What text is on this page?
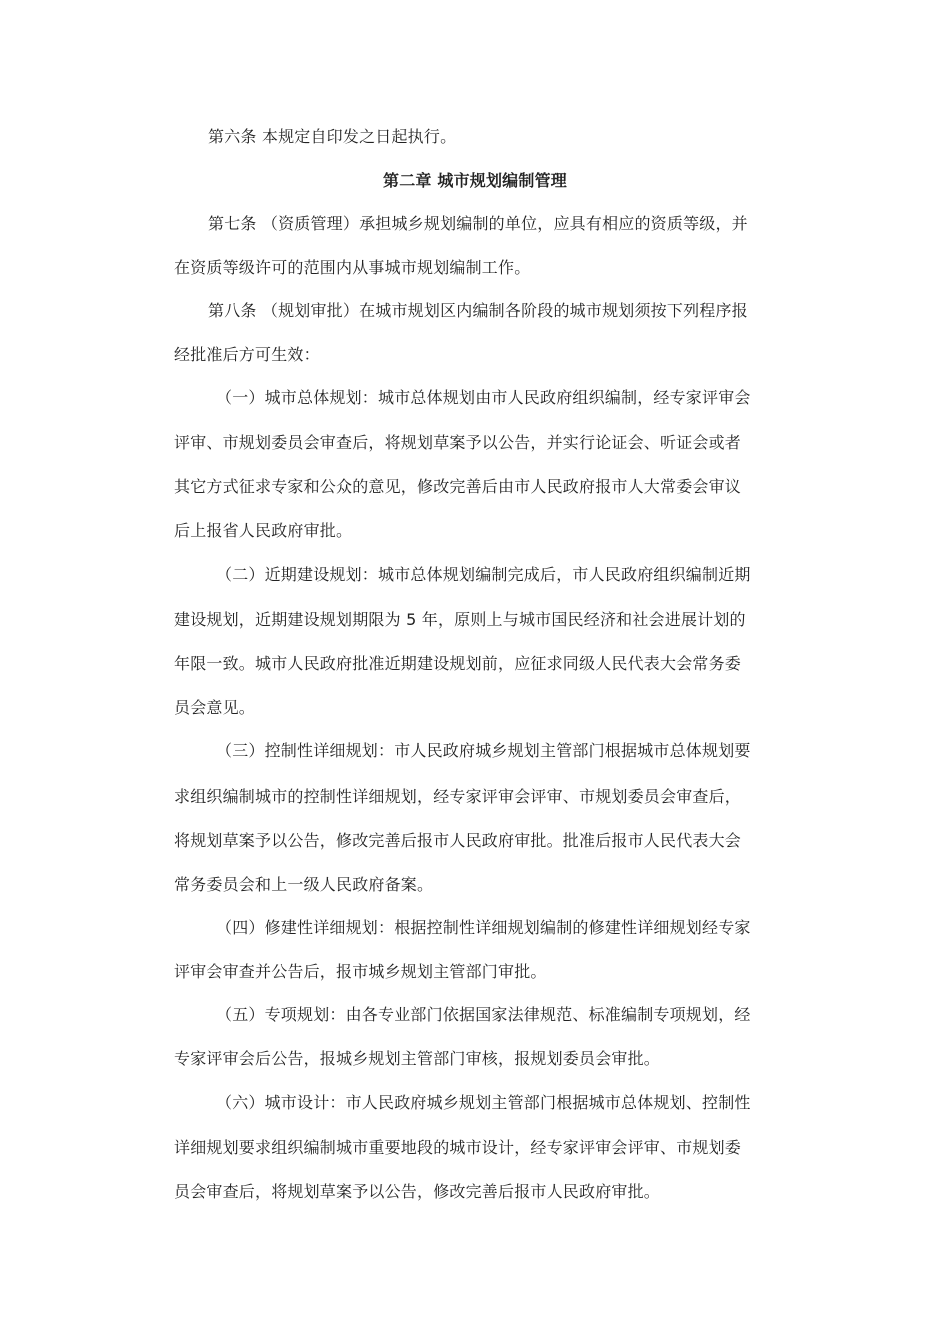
第六条 本规定自印发之日起执行。
第二章 城市规划编制管理
第七条 （资质管理）承担城乡规划编制的单位，应具有相应的资质等级，并
在资质等级许可的范围内从事城市规划编制工作。
第八条 （规划审批）在城市规划区内编制各阶段的城市规划须按下列程序报
经批准后方可生效：
（一）城市总体规划：城市总体规划由市人民政府组织编制，经专家评审会
评审、市规划委员会审查后，将规划草案予以公告，并实行论证会、听证会或者
其它方式征求专家和公众的意见，修改完善后由市人民政府报市人大常委会审议
后上报省人民政府审批。
（二）近期建设规划：城市总体规划编制完成后，市人民政府组织编制近期
建设规划，近期建设规划期限为 5 年，原则上与城市国民经济和社会进展计划的
年限一致。城市人民政府批准近期建设规划前，应征求同级人民代表大会常务委
员会意见。
（三）控制性详细规划：市人民政府城乡规划主管部门根据城市总体规划要
求组织编制城市的控制性详细规划，经专家评审会评审、市规划委员会审查后，
将规划草案予以公告，修改完善后报市人民政府审批。批准后报市人民代表大会
常务委员会和上一级人民政府备案。
（四）修建性详细规划：根据控制性详细规划编制的修建性详细规划经专家
评审会审查并公告后，报市城乡规划主管部门审批。
（五）专项规划：由各专业部门依据国家法律规范、标准编制专项规划，经
专家评审会后公告，报城乡规划主管部门审核，报规划委员会审批。
（六）城市设计：市人民政府城乡规划主管部门根据城市总体规划、控制性
详细规划要求组织编制城市重要地段的城市设计，经专家评审会评审、市规划委
员会审查后，将规划草案予以公告，修改完善后报市人民政府审批。
